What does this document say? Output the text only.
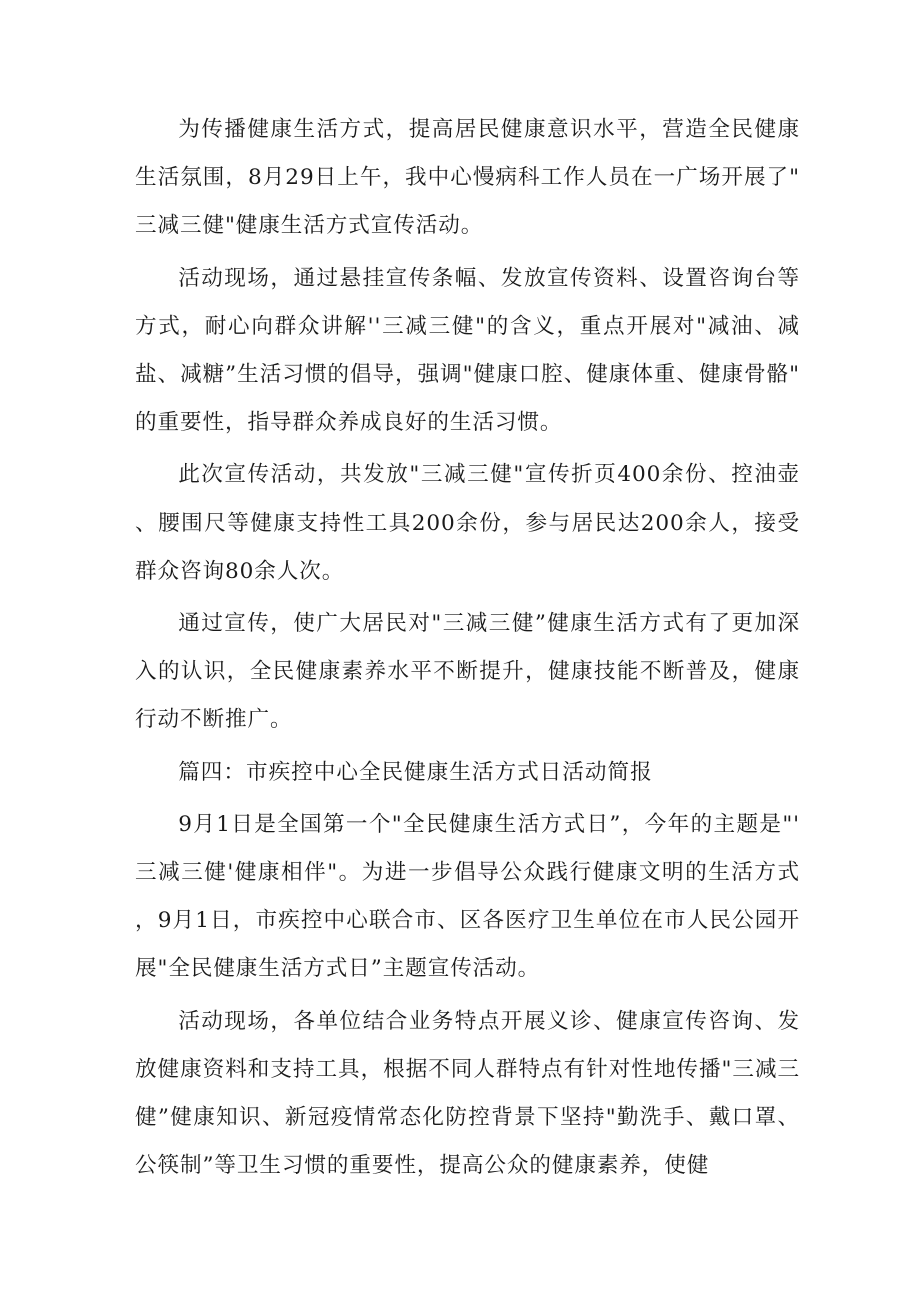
为传播健康生活方式，提高居民健康意识水平，营造全民健康生活氛围，8月29日上午，我中心慢病科工作人员在一广场开展了"三减三健"健康生活方式宣传活动。

活动现场，通过悬挂宣传条幅、发放宣传资料、设置咨询台等方式，耐心向群众讲解''三减三健"的含义，重点开展对"减油、减盐、减糖”生活习惯的倡导，强调"健康口腔、健康体重、健康骨骼"的重要性，指导群众养成良好的生活习惯。

此次宣传活动，共发放"三减三健"宣传折页400余份、控油壶、腰围尺等健康支持性工具200余份，参与居民达200余人，接受群众咨询80余人次。

通过宣传，使广大居民对"三减三健”健康生活方式有了更加深入的认识，全民健康素养水平不断提升，健康技能不断普及，健康行动不断推广。

篇四：市疾控中心全民健康生活方式日活动简报

9月1日是全国第一个"全民健康生活方式日”，今年的主题是"'三减三健'健康相伴"。为进一步倡导公众践行健康文明的生活方式，9月1日，市疾控中心联合市、区各医疗卫生单位在市人民公园开展"全民健康生活方式日”主题宣传活动。

活动现场，各单位结合业务特点开展义诊、健康宣传咨询、发放健康资料和支持工具，根据不同人群特点有针对性地传播"三减三健”健康知识、新冠疫情常态化防控背景下坚持"勤洗手、戴口罩、公筷制”等卫生习惯的重要性，提高公众的健康素养，使健
